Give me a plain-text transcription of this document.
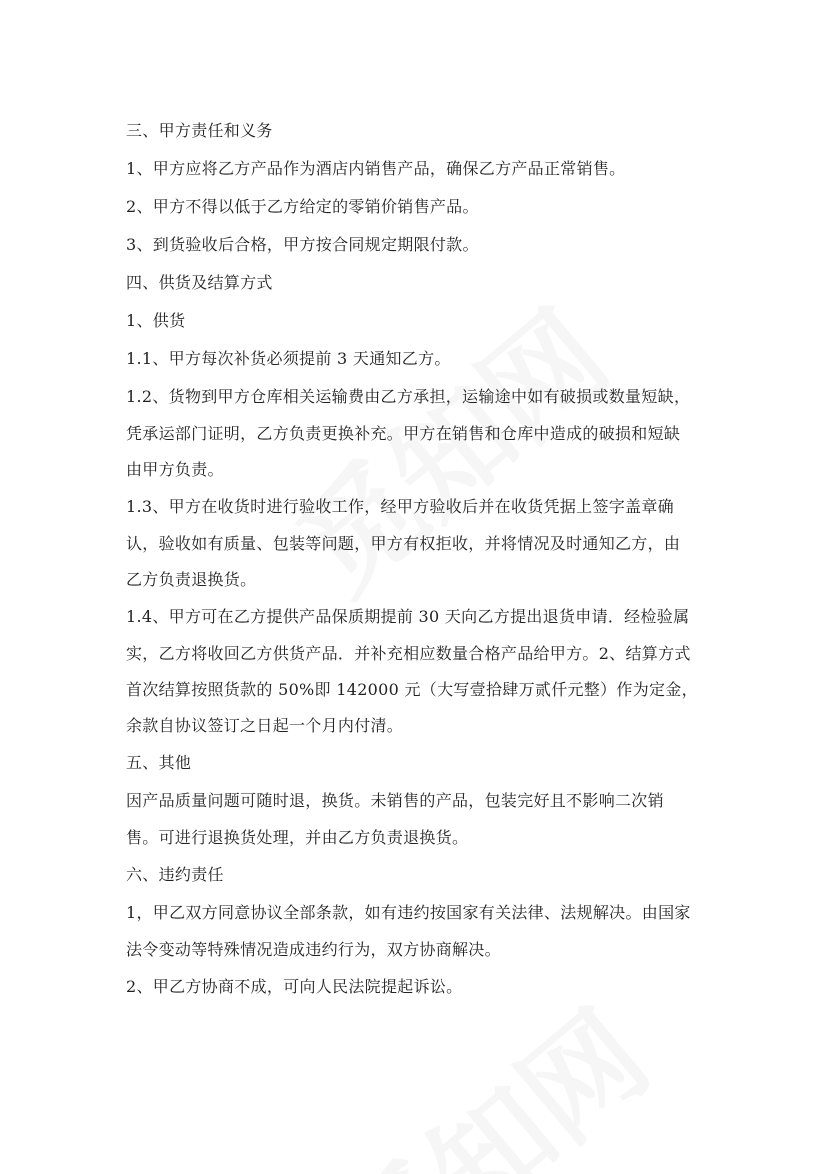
三、甲方责任和义务
1、甲方应将乙方产品作为酒店内销售产品，确保乙方产品正常销售。
2、甲方不得以低于乙方给定的零销价销售产品。
3、到货验收后合格，甲方按合同规定期限付款。
四、供货及结算方式
1、供货
1.1、甲方每次补货必须提前 3 天通知乙方。
1.2、货物到甲方仓库相关运输费由乙方承担，运输途中如有破损或数量短缺，
凭承运部门证明，乙方负责更换补充。甲方在销售和仓库中造成的破损和短缺
由甲方负责。
1.3、甲方在收货时进行验收工作，经甲方验收后并在收货凭据上签字盖章确
认，验收如有质量、包装等问题，甲方有权拒收，并将情况及时通知乙方，由
乙方负责退换货。
1.4、甲方可在乙方提供产品保质期提前 30 天向乙方提出退货申请．经检验属
实，乙方将收回乙方供货产品．并补充相应数量合格产品给甲方。2、结算方式
首次结算按照货款的 50%即 142000 元（大写壹拾肆万贰仟元整）作为定金，
余款自协议签订之日起一个月内付清。
五、其他
因产品质量问题可随时退，换货。未销售的产品，包装完好且不影响二次销
售。可进行退换货处理，并由乙方负责退换货。
六、违约责任
1，甲乙双方同意协议全部条款，如有违约按国家有关法律、法规解决。由国家
法令变动等特殊情况造成违约行为，双方协商解决。
2、甲乙方协商不成，可向人民法院提起诉讼。
